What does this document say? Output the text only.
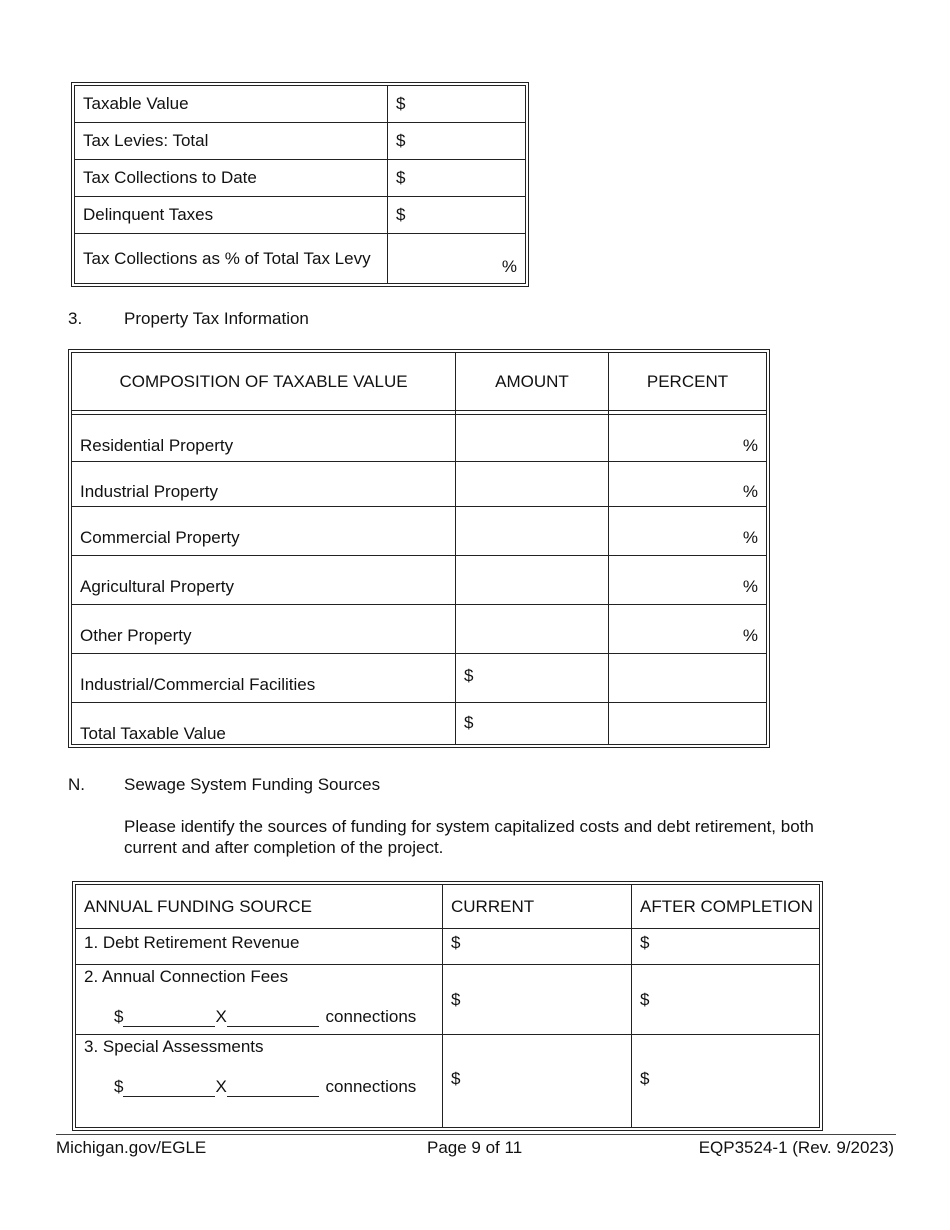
Taxable Value	$
Tax Levies: Total	$
Tax Collections to Date	$
Delinquent Taxes	$
Tax Collections as % of Total Tax Levy	%
3. Property Tax Information
COMPOSITION OF TAXABLE VALUE	AMOUNT	PERCENT

Residential Property		%
Industrial Property		%
Commercial Property		%
Agricultural Property		%
Other Property		%
Industrial/Commercial Facilities	$	
Total Taxable Value	$	
N. Sewage System Funding Sources
Please identify the sources of funding for system capitalized costs and debt retirement, both current and after completion of the project.
ANNUAL FUNDING SOURCE	CURRENT	AFTER COMPLETION
1. Debt Retirement Revenue	$	$

2. Annual Connection Fees
$ X connections	$	$

3. Special Assessments
$ X connections	$	$
Michigan.gov/EGLE	Page 9 of 11	EQP3524-1 (Rev. 9/2023)
